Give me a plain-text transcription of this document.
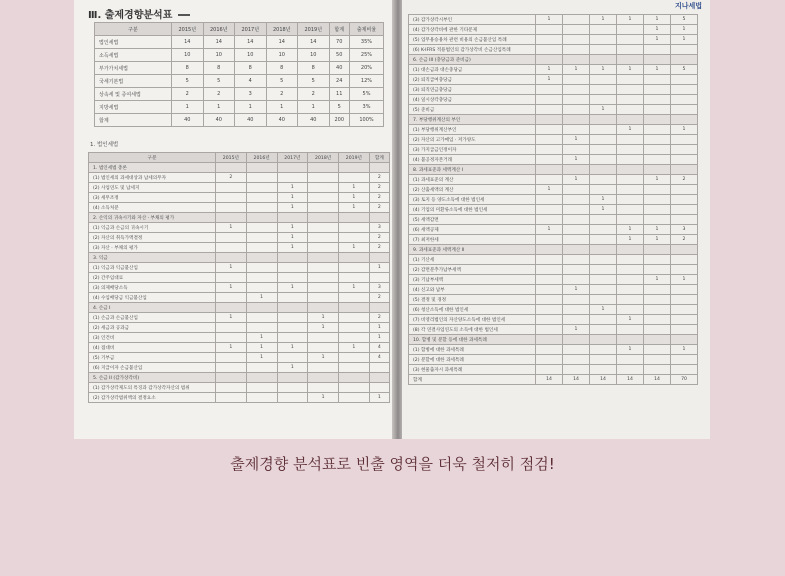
Ⅲ. 출제경향분석표
구분	2015년	2016년	2017년	2018년	2019년	합계	출제비율
법인세법	14	14	14	14	14	70	35%
소득세법	10	10	10	10	10	50	25%
부가가치세법	8	8	8	8	8	40	20%
국세기본법	5	5	4	5	5	24	12%
상속세 및 증여세법	2	2	3	2	2	11	5%
지방세법	1	1	1	1	1	5	3%
합계	40	40	40	40	40	200	100%
1. 법인세법
구분	2015년	2016년	2017년	2018년	2019년	합계
1. 법인세법 총론						
(1) 법인세의 과세대상과 납세의무자	2					2
(2) 사업연도 및 납세지			1		1	2
(3) 세무조정			1		1	2
(4) 소득처분			1		1	2
2. 손익의 귀속시기와 자산 · 부채의 평가						
(1) 익금과 손금의 귀속시기	1		1			3
(2) 자산의 취득가액결정			1			2
(3) 자산 · 부채의 평가			1		1	2
3. 익금						
(1) 익금과 익금불산입	1					1
(2) 간주임대료						
(3) 의제배당소득	1		1		1	3
(4) 수입배당금 익금불산입		1				2
4. 손금 I						
(1) 손금과 손금불산입	1			1		2
(2) 세금과 공과금				1		1
(3) 인건비		1				1
(4) 접대비	1	1	1		1	4
(5) 기부금		1		1		4
(6) 지급이자 손금불산입			1			
5. 손금 II (감가상각비)						
(1) 감가상각제도의 특징과 감가상각자산의 범위						
(2) 감가상각범위액의 결정요소				1		1
지나세법
(3) 감가상각시부인	1		1	1	1	5
(4) 감가상각비에 관한 기타문제					1	1
(5) 업무용승용차 관련 비용의 손금불산입 특례					1	1
(6) K-IFRS 적용법인의 감가상각비 손금산입특례						
6. 손금 III (충당금과 준비금)						
(1) 대손금과 대손충당금	1	1	1	1	1	5
(2) 퇴직급여충당금	1					
(3) 퇴직연금충당금						
(4) 일시상각충당금						
(5) 준비금			1			
7. 부당행위계산의 부인						
(1) 부당행위계산부인				1		1
(2) 자산의 고가매입 · 저가양도		1				
(3) 가지급금인정이자						
(4) 불공정자본거래		1				
8. 과세표준과 세액계산 I						
(1) 과세표준의 계산		1			1	2
(2) 산출세액의 계산	1					
(3) 토지 등 양도소득에 대한 법인세			1			
(4) 기업의 미환류소득에 대한 법인세			1			
(5) 세액감면						
(6) 세액공제	1			1	1	3
(7) 최저한세				1	1	2
9. 과세표준과 세액계산 II						
(1) 기산세						
(2) 감면분추가납부세액						
(3) 기납부세액					1	1
(4) 신고와 납부		1				
(5) 결정 및 경정						
(6) 청산소득에 대한 법인세			1			
(7) 비영리법인의 자산양도소득에 대한 법인세				1		
(8) 각 연결사업연도의 소득에 대한 법인세		1				
10. 합병 및 분할 등에 대한 과세특례						
(1) 합병에 대한 과세특례				1		1
(2) 분할에 대한 과세특례						
(3) 현물출자시 과세특례						
합계	14	14	14	14	14	70
출제경향 분석표로 빈출 영역을 더욱 철저히 점검!
